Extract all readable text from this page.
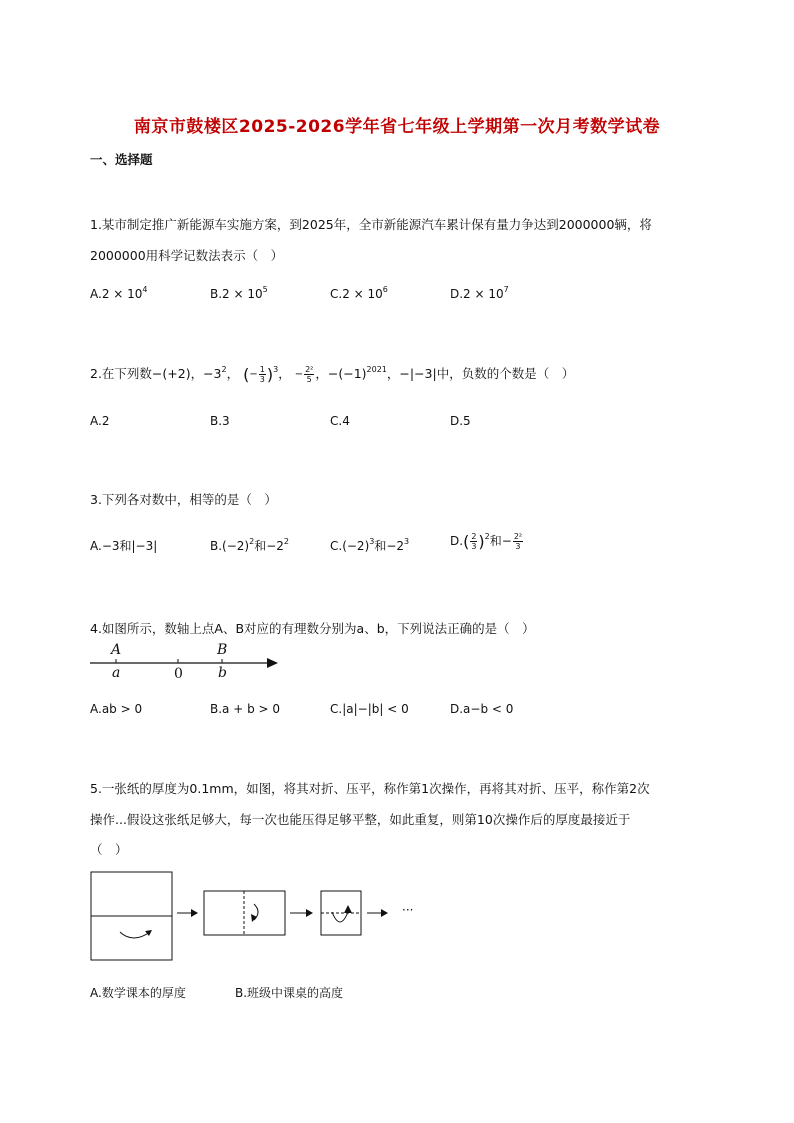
南京市鼓楼区2025-2026学年省七年级上学期第一次月考数学试卷
一、选择题
1.某市制定推广新能源车实施方案，到2025年，全市新能源汽车累计保有量力争达到2000000辆，将
2000000用科学记数法表示（　）
$A.2 \times 10^4$	$B.2 \times 10^5$	$C.2 \times 10^6$	$D.2 \times 10^7$
2.在下列数−(+2)，$-3^2$， (− $\frac{1}{3} )^3$， − $\frac{\text{2²}}{5}$ ，$-(-1)^{2021}$，−|−3|中，负数的个数是（　）
A.2	B.3	C.4	D.5
3.下列各对数中，相等的是（　）
A.−3和|−3|	$B.(-2)^2$和$-2^2$	$C.(-2)^3$和$-2^3$	$D.( \frac{2}{3} )^2$和− $\frac{\text{2²}}{3}$
4.如图所示，数轴上点A、B对应的有理数分别为a、b，下列说法正确的是（　）
A
a	0
B
b
A.ab > 0	B.a + b > 0	C.|a|−|b| < 0	D.a−b < 0
5.一张纸的厚度为0.1mm，如图，将其对折、压平，称作第1次操作，再将其对折、压平，称作第2次
操作...假设这张纸足够大，每一次也能压得足够平整，如此重复，则第10次操作后的厚度最接近于
（　）
···
A.数学课本的厚度	B.班级中课桌的高度
